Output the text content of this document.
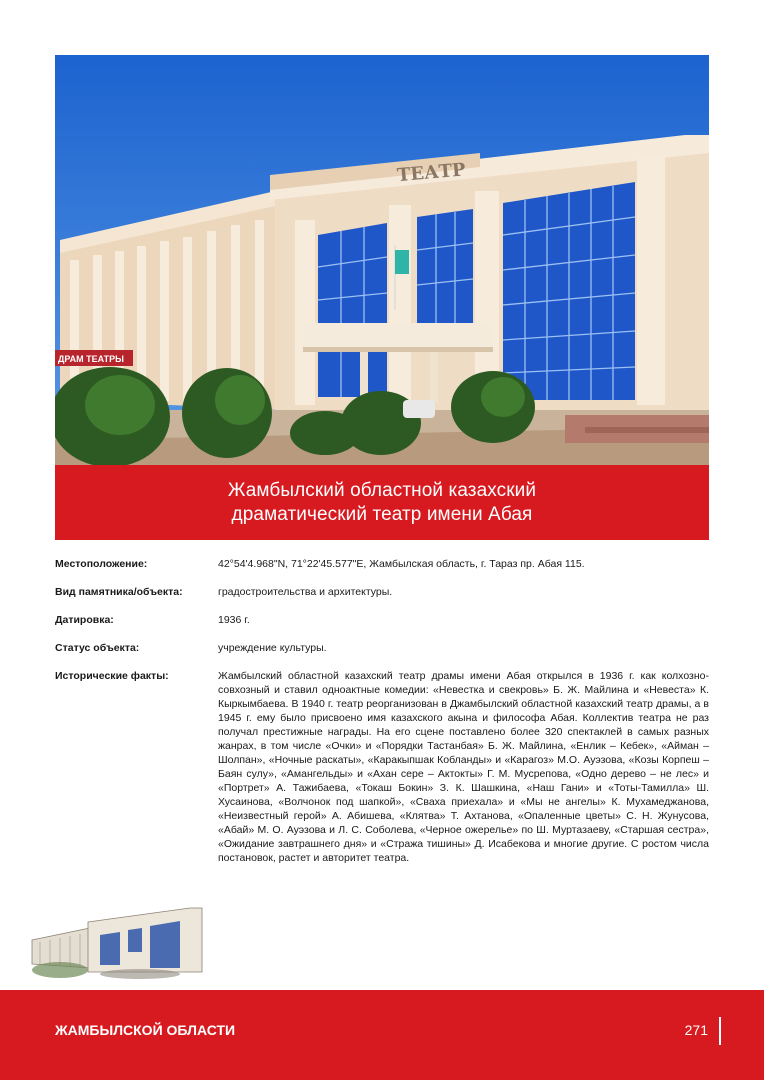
ТЕАТР
ДРАМ ТЕАТРЫ
Жамбылский областной казахский
драматический театр имени Абая
Местоположение:	42°54'4.968"N, 71°22'45.577"E, Жамбылская область, г. Тараз пр. Абая 115.
Вид памятника/объекта:	градостроительства и архитектуры.
Датировка:	1936 г.
Статус объекта:	учреждение культуры.
Исторические факты:	Жамбылский областной казахский театр драмы имени Абая открылся в 1936 г. как колхозно-совхозный и ставил одноактные комедии: «Невестка и свекровь» Б. Ж. Майлина и «Невеста» К. Кыркымбаева. В 1940 г. театр реорганизован в Джамбылский областной казахский театр драмы, а в 1945 г. ему было присвоено имя казахского акына и философа Абая. Коллектив театра не раз получал престижные награды. На его сцене поставлено более 320 спектаклей в самых разных жанрах, в том числе «Очки» и «Порядки Тастанбая» Б. Ж. Майлина, «Енлик – Кебек», «Айман – Шолпан», «Ночные раскаты», «Каракыпшак Кобланды» и «Карагоз» М.О. Ауэзова, «Козы Корпеш – Баян сулу», «Амангельды» и «Ахан сере – Актокты» Г. М. Мусрепова, «Одно дерево – не лес» и «Портрет» А. Тажибаева, «Токаш Бокин» З. К. Шашкина, «Наш Гани» и «Тоты-Тамилла» Ш. Хусаинова, «Волчонок под шапкой», «Сваха приехала» и «Мы не ангелы» К. Мухамеджанова, «Неизвестный герой» А. Абишева, «Клятва» Т. Ахтанова, «Опаленные цветы» С. Н. Жунусова, «Абай» М. О. Ауэзова и Л. С. Соболева, «Черное ожерелье» по Ш. Муртазаеву, «Старшая сестра», «Ожидание завтрашнего дня» и «Стража тишины» Д. Исабекова и многие другие. С ростом числа постановок, растет и авторитет театра.
ЖАМБЫЛСКОЙ ОБЛАСТИ	271
